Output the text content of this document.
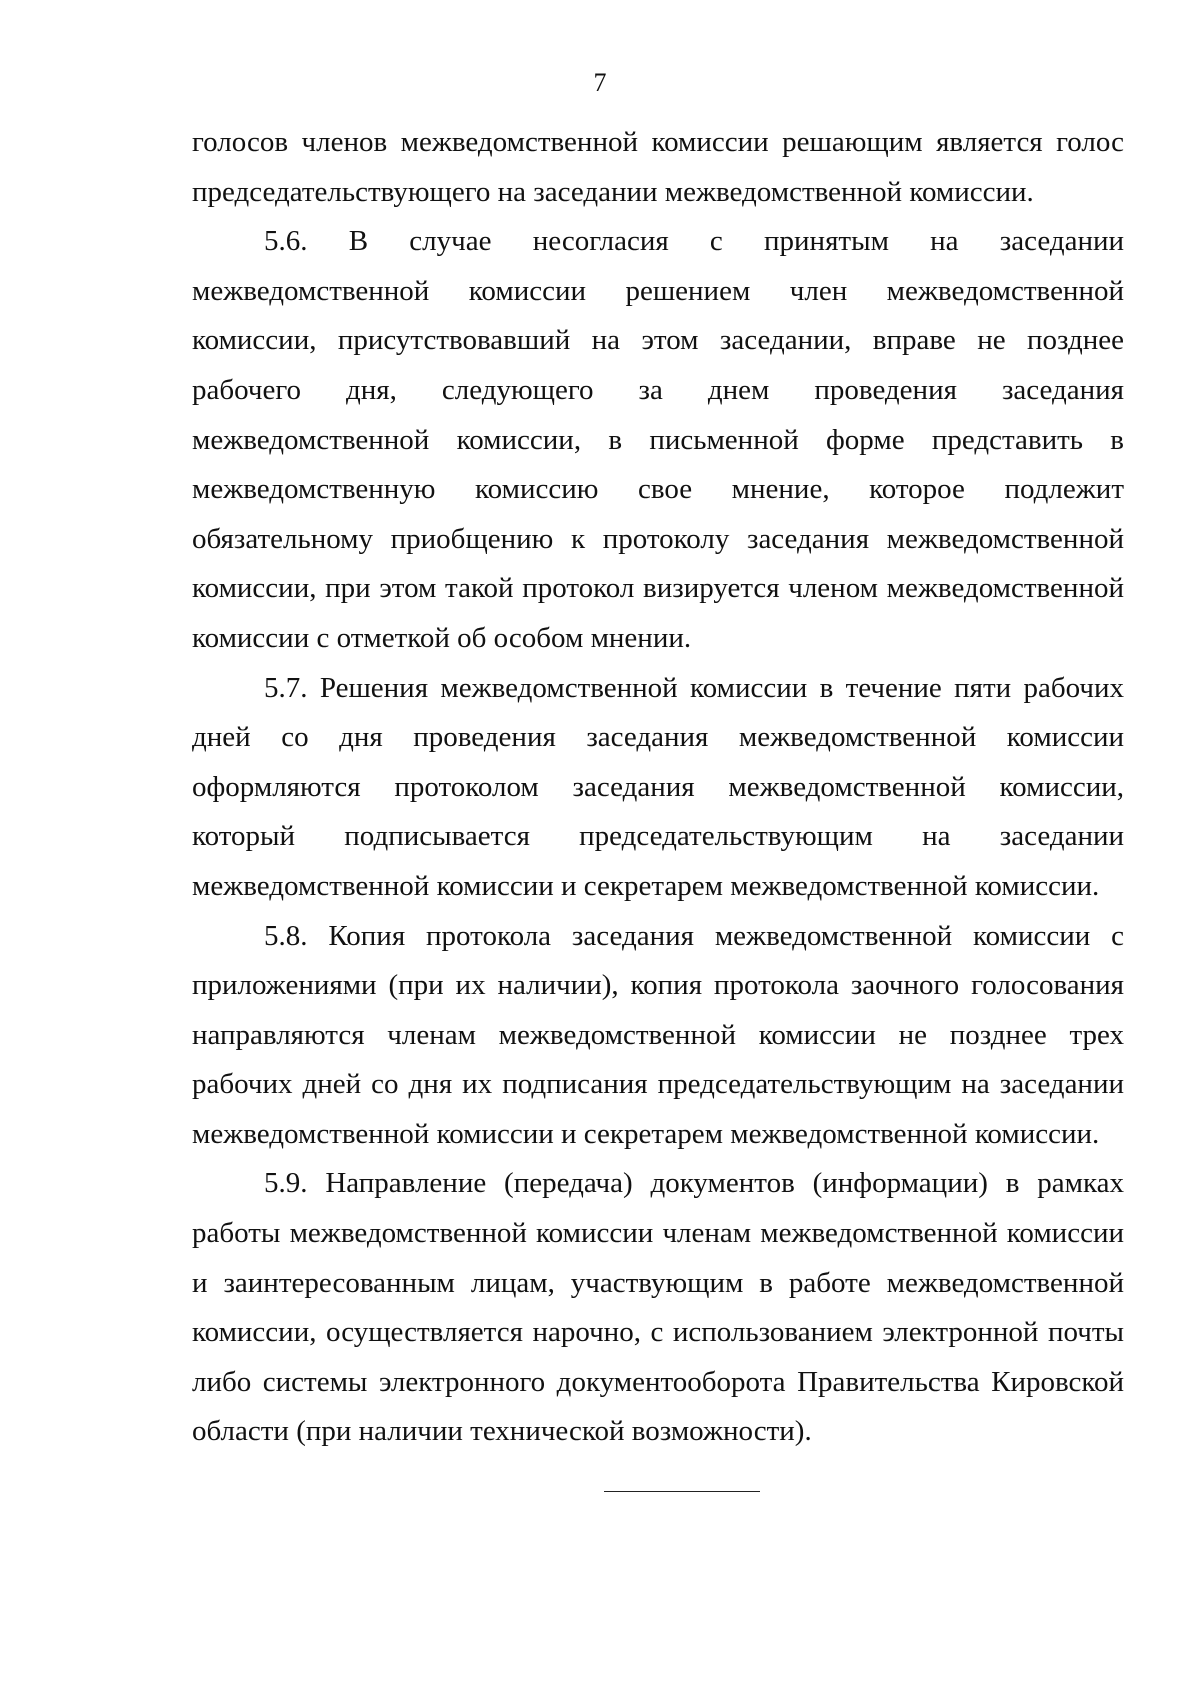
7

голосов членов межведомственной комиссии решающим является голос председательствующего на заседании межведомственной комиссии.

5.6. В случае несогласия с принятым на заседании межведомственной комиссии решением член межведомственной комиссии, присутствовавший на этом заседании, вправе не позднее рабочего дня, следующего за днем проведения заседания межведомственной комиссии, в письменной форме представить в межведомственную комиссию свое мнение, которое подлежит обязательному приобщению к протоколу заседания межведомственной комиссии, при этом такой протокол визируется членом межведомственной комиссии с отметкой об особом мнении.

5.7. Решения межведомственной комиссии в течение пяти рабочих дней со дня проведения заседания межведомственной комиссии оформляются протоколом заседания межведомственной комиссии, который подписывается председательствующим на заседании межведомственной комиссии и секретарем межведомственной комиссии.

5.8. Копия протокола заседания межведомственной комиссии с приложениями (при их наличии), копия протокола заочного голосования направляются членам межведомственной комиссии не позднее трех рабочих дней со дня их подписания председательствующим на заседании межведомственной комиссии и секретарем межведомственной комиссии.

5.9. Направление (передача) документов (информации) в рамках работы межведомственной комиссии членам межведомственной комиссии и заинтересованным лицам, участвующим в работе межведомственной комиссии, осуществляется нарочно, с использованием электронной почты либо системы электронного документооборота Правительства Кировской области (при наличии технической возможности).
